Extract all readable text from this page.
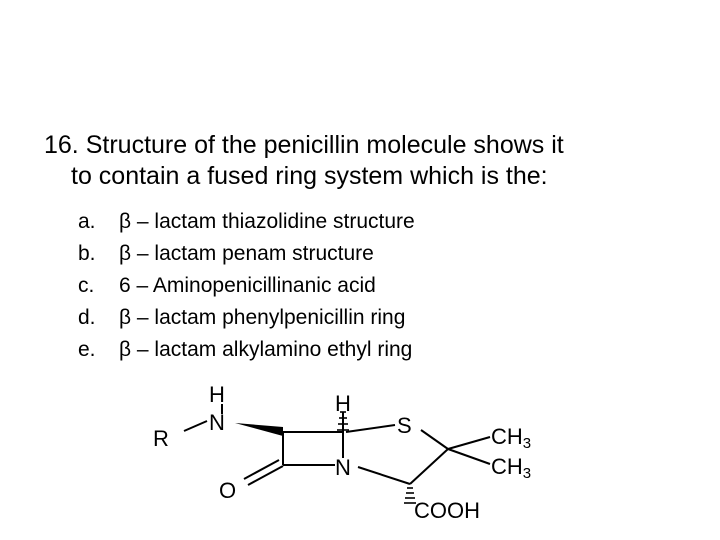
16. Structure of the penicillin molecule shows it
to contain a fused ring system which is the:
a.	β – lactam thiazolidine structure
b.	β – lactam penam structure
c.	6 – Aminopenicillinanic acid
d.	β – lactam phenylpenicillin ring
e.	β – lactam alkylamino ethyl ring
H
N
R
H
S	CH3
N	CH3
O
COOH
